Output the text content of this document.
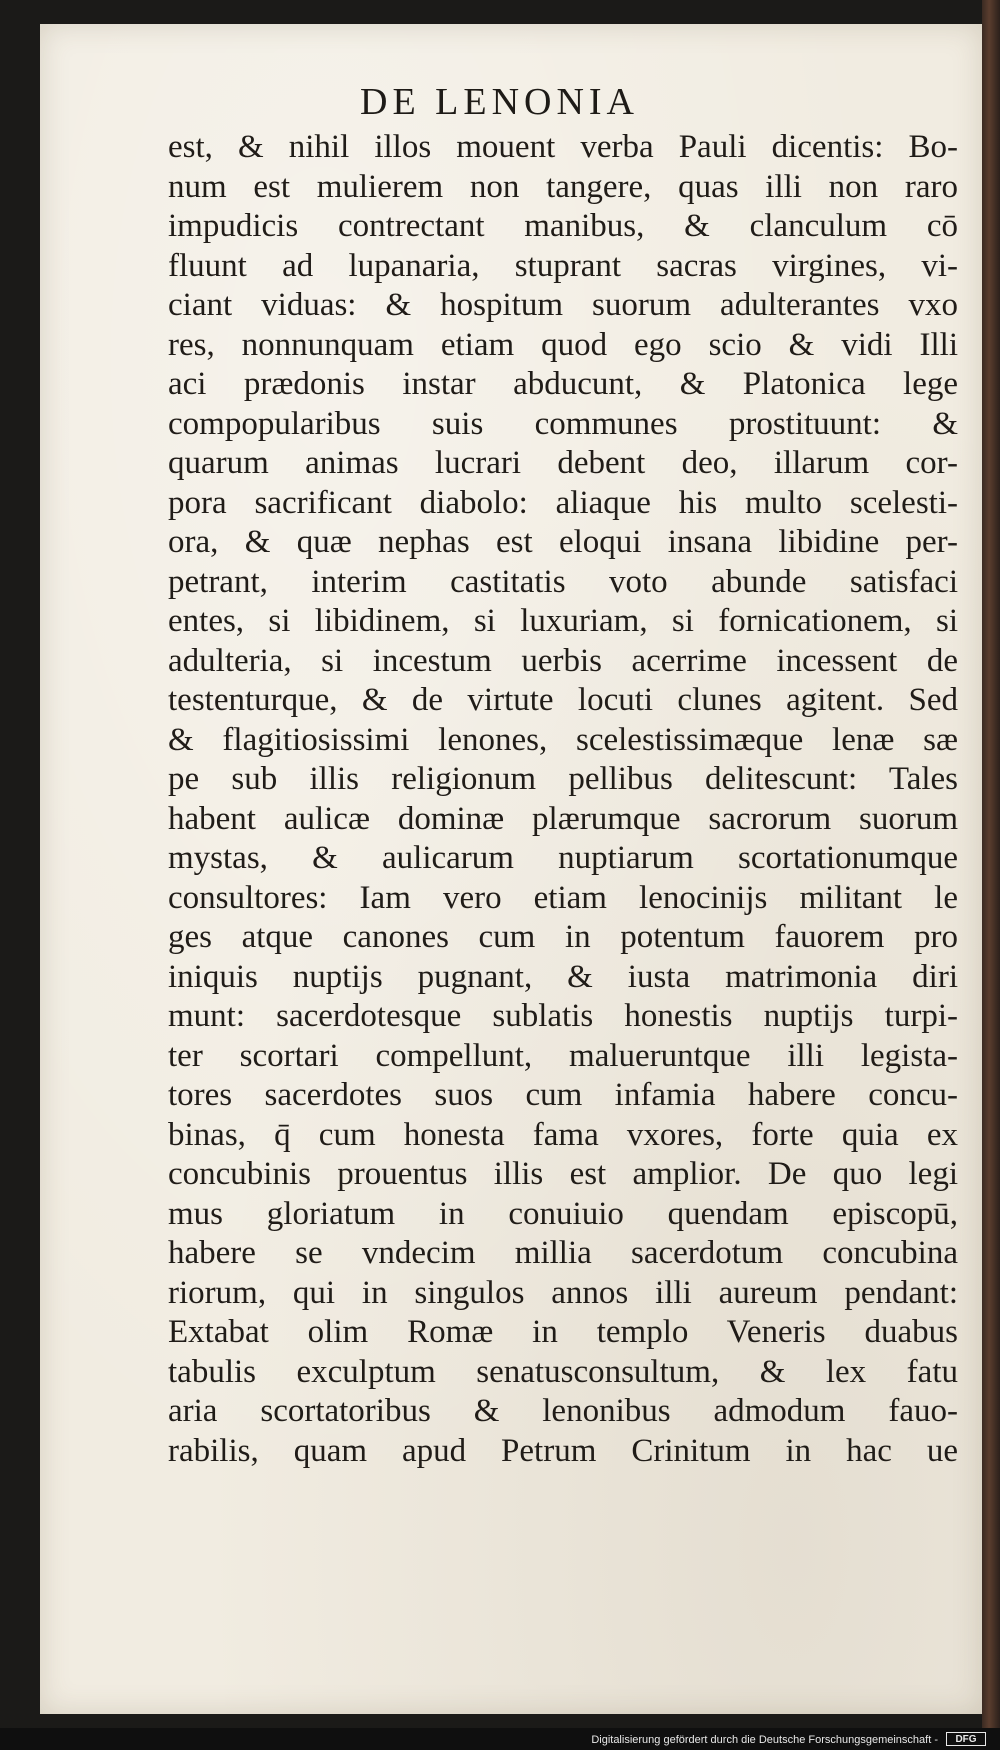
DE LENONIA
est, & nihil illos mouent verba Pauli dicentis: Bo-
num est mulierem non tangere, quas illi non raro
impudicis contrectant manibus, & clanculum cō
fluunt ad lupanaria, stuprant sacras virgines, vi-
ciant viduas: & hospitum suorum adulterantes vxo
res, nonnunquam etiam quod ego scio & vidi Illi
aci prædonis instar abducunt, & Platonica lege
compopularibus suis communes prostituunt: &
quarum animas lucrari debent deo, illarum cor-
pora sacrificant diabolo: aliaque his multo scelesti-
ora, & quæ nephas est eloqui insana libidine per-
petrant, interim castitatis voto abunde satisfaci
entes, si libidinem, si luxuriam, si fornicationem, si
adulteria, si incestum uerbis acerrime incessent de
testenturque, & de virtute locuti clunes agitent. Sed
& flagitiosissimi lenones, scelestissimæque lenæ sæ
pe sub illis religionum pellibus delitescunt: Tales
habent aulicæ dominæ plærumque sacrorum suorum
mystas, & aulicarum nuptiarum scortationumque
consultores: Iam vero etiam lenocinijs militant le
ges atque canones cum in potentum fauorem pro
iniquis nuptijs pugnant, & iusta matrimonia diri
munt: sacerdotesque sublatis honestis nuptijs turpi-
ter scortari compellunt, malueruntque illi legista-
tores sacerdotes suos cum infamia habere concu-
binas, q̄ cum honesta fama vxores, forte quia ex
concubinis prouentus illis est amplior. De quo legi
mus gloriatum in conuiuio quendam episcopū,
habere se vndecim millia sacerdotum concubina
riorum, qui in singulos annos illi aureum pendant:
Extabat olim Romæ in templo Veneris duabus
tabulis exculptum senatusconsultum, & lex fatu
aria scortatoribus & lenonibus admodum fauo-
rabilis, quam apud Petrum Crinitum in hac ue
Digitalisierung gefördert durch die Deutsche Forschungsgemeinschaft -	DFG
